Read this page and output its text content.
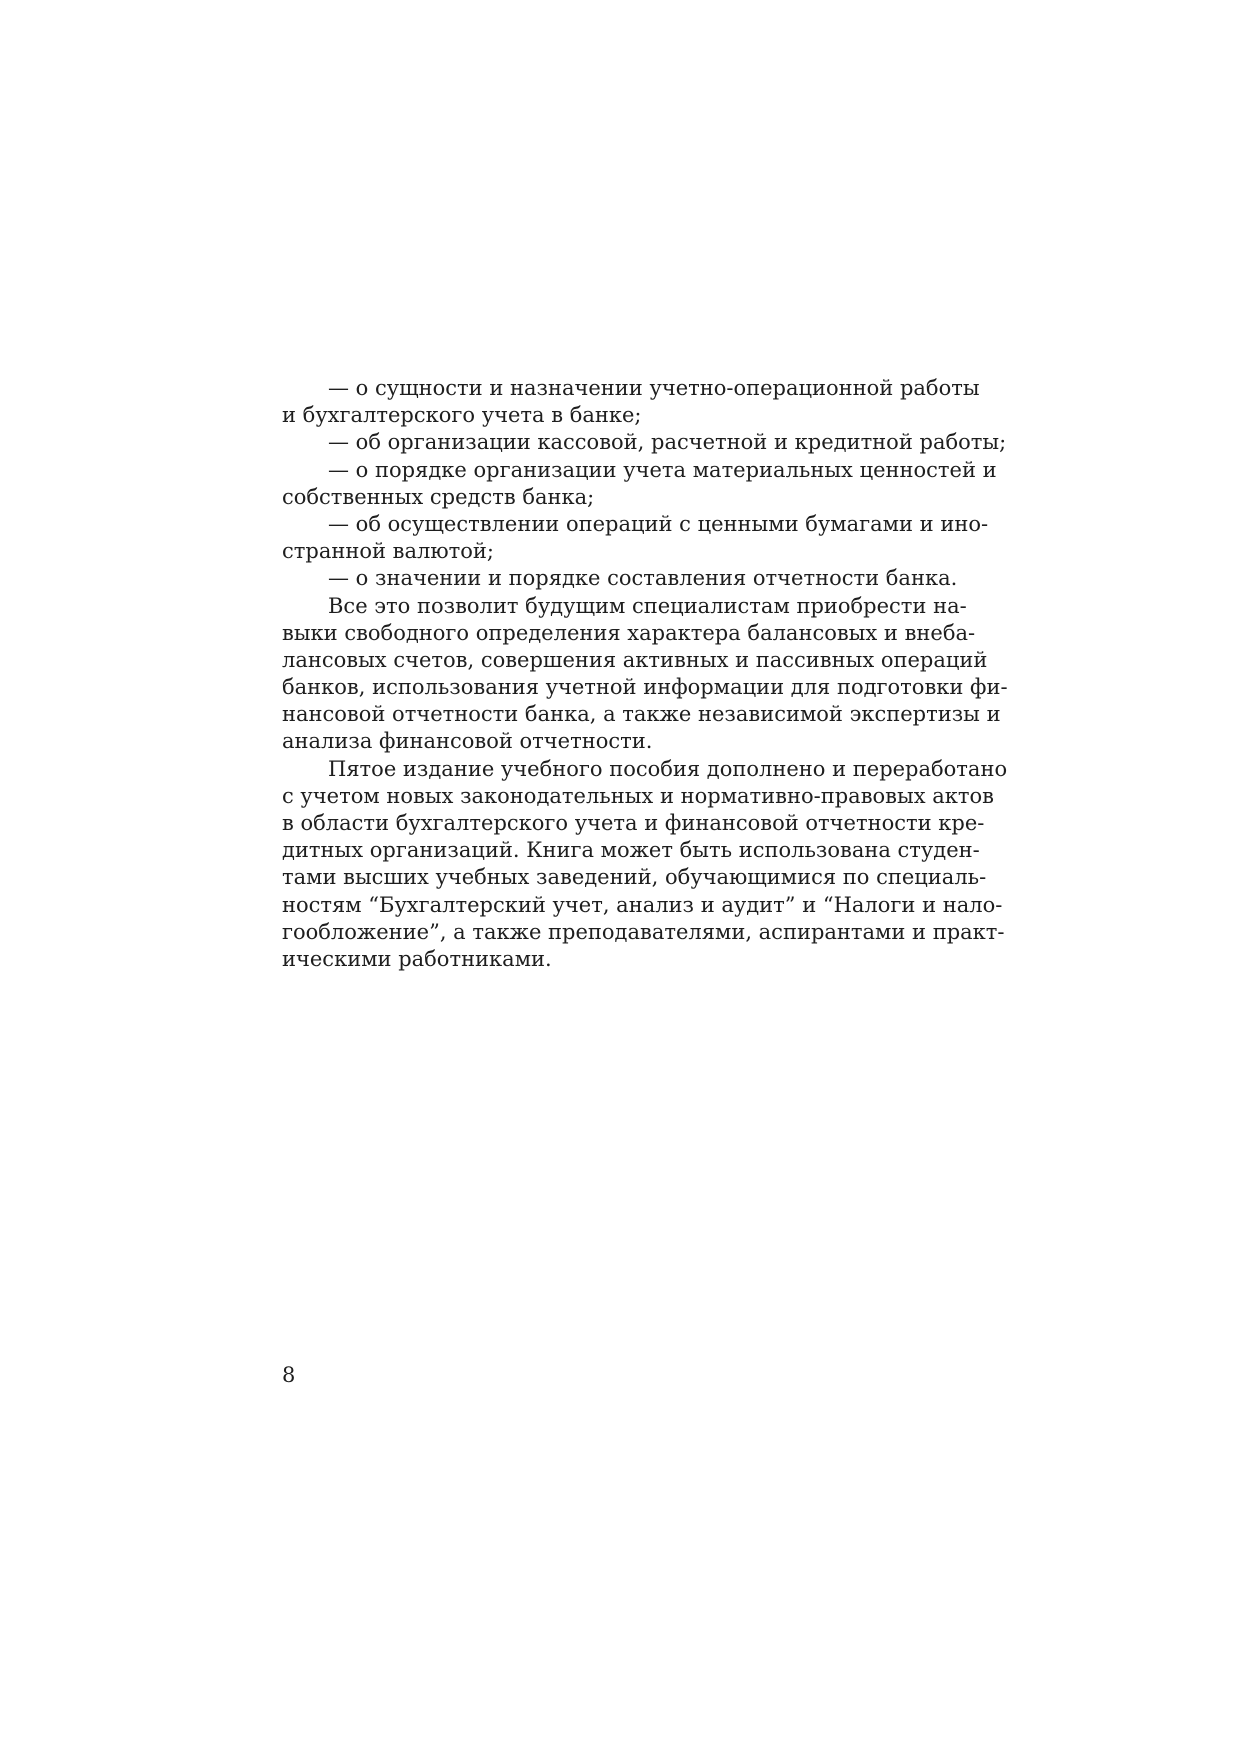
— о сущности и назначении учетно-операционной работы
и бухгалтерского учета в банке;
— об организации кассовой, расчетной и кредитной работы;
— о порядке организации учета материальных ценностей и
собственных средств банка;
— об осуществлении операций с ценными бумагами и ино-
странной валютой;
— о значении и порядке составления отчетности банка.
Все это позволит будущим специалистам приобрести на-
выки свободного определения характера балансовых и внеба-
лансовых счетов, совершения активных и пассивных операций
банков, использования учетной информации для подготовки фи-
нансовой отчетности банка, а также независимой экспертизы и
анализа финансовой отчетности.
Пятое издание учебного пособия дополнено и переработано
с учетом новых законодательных и нормативно-правовых актов
в области бухгалтерского учета и финансовой отчетности кре-
дитных организаций. Книга может быть использована студен-
тами высших учебных заведений, обучающимися по специаль-
ностям “Бухгалтерский учет, анализ и аудит” и “Налоги и нало-
гообложение”, а также преподавателями, аспирантами и практ-
ическими работниками.
8
